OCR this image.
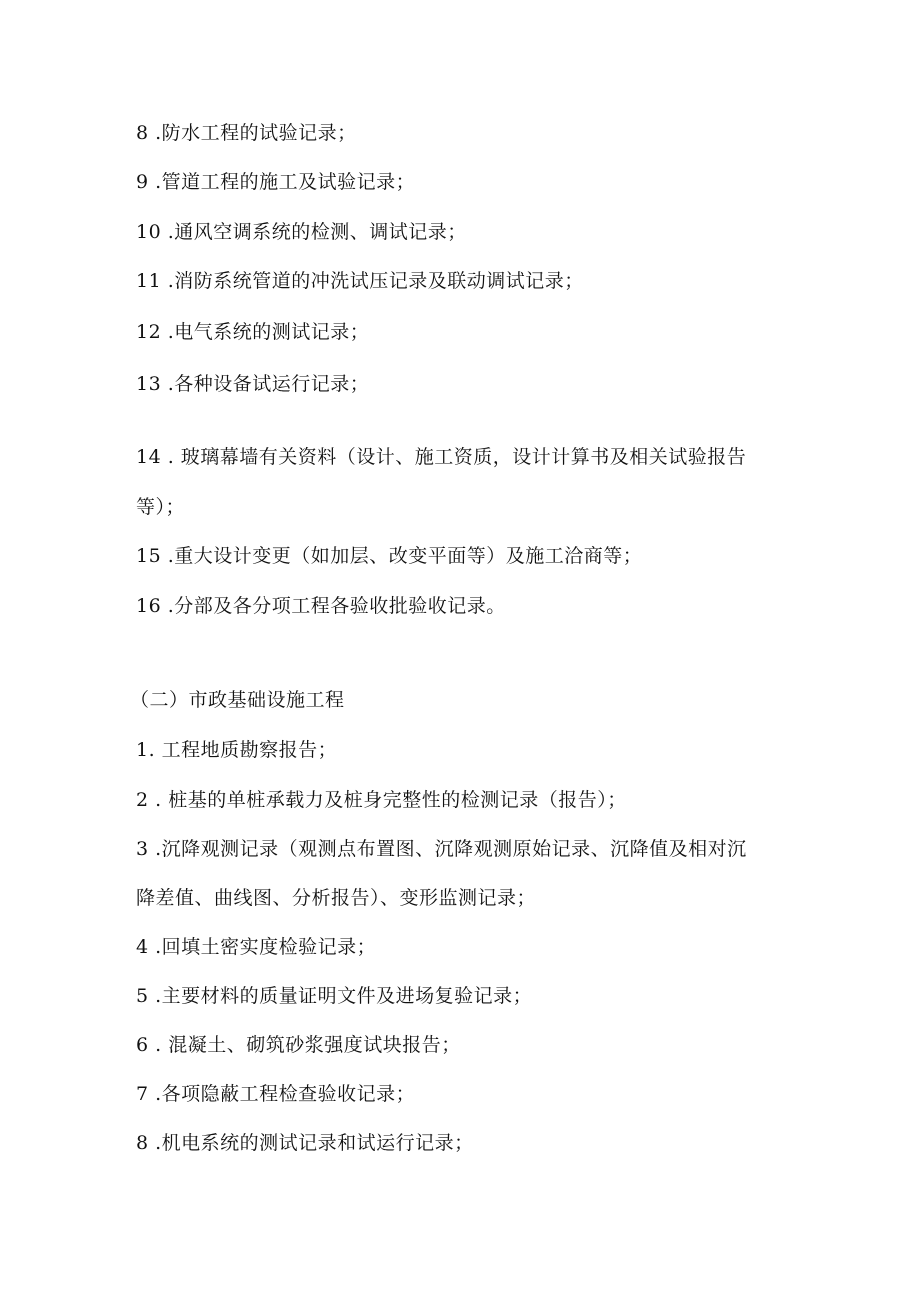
8 .防水工程的试验记录；
9 .管道工程的施工及试验记录；
10 .通风空调系统的检测、调试记录；
11 .消防系统管道的冲洗试压记录及联动调试记录；
12 .电气系统的测试记录；
13 .各种设备试运行记录；
14 . 玻璃幕墙有关资料（设计、施工资质，设计计算书及相关试验报告
等）；
15 .重大设计变更（如加层、改变平面等）及施工洽商等；
16 .分部及各分项工程各验收批验收记录。
（二）市政基础设施工程
1. 工程地质勘察报告；
2 . 桩基的单桩承载力及桩身完整性的检测记录（报告）；
3 .沉降观测记录（观测点布置图、沉降观测原始记录、沉降值及相对沉
降差值、曲线图、分析报告）、变形监测记录；
4 .回填土密实度检验记录；
5 .主要材料的质量证明文件及进场复验记录；
6 . 混凝土、砌筑砂浆强度试块报告；
7 .各项隐蔽工程检查验收记录；
8 .机电系统的测试记录和试运行记录；
